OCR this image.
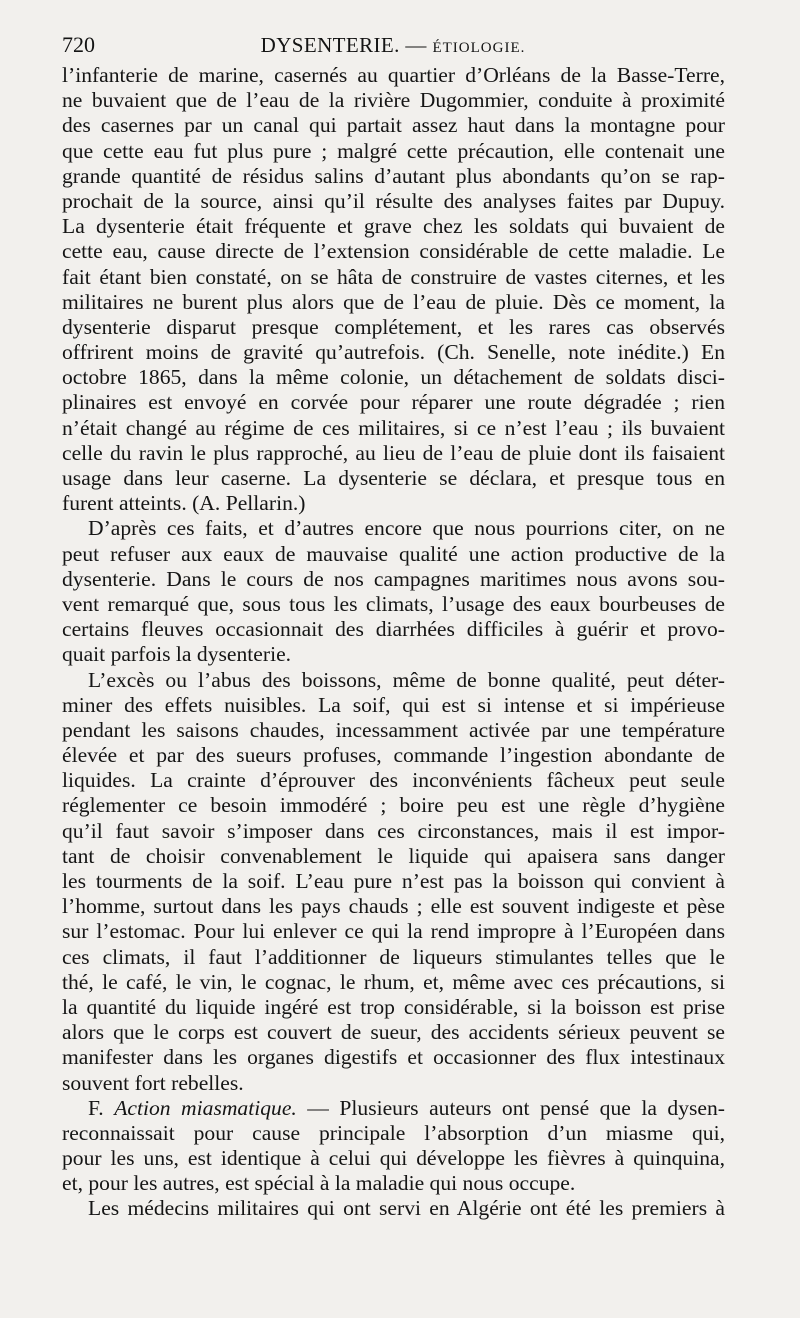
720	DYSENTERIE. — ÉTIOLOGIE.
l’infanterie de marine, casernés au quartier d’Orléans de la Basse-Terre,
ne buvaient que de l’eau de la rivière Dugommier, conduite à proximité
des casernes par un canal qui partait assez haut dans la montagne pour
que cette eau fut plus pure ; malgré cette précaution, elle contenait une
grande quantité de résidus salins d’autant plus abondants qu’on se rap-
prochait de la source, ainsi qu’il résulte des analyses faites par Dupuy.
La dysenterie était fréquente et grave chez les soldats qui buvaient de
cette eau, cause directe de l’extension considérable de cette maladie. Le
fait étant bien constaté, on se hâta de construire de vastes citernes, et les
militaires ne burent plus alors que de l’eau de pluie. Dès ce moment, la
dysenterie disparut presque complétement, et les rares cas observés
offrirent moins de gravité qu’autrefois. (Ch. Senelle, note inédite.) En
octobre 1865, dans la même colonie, un détachement de soldats disci-
plinaires est envoyé en corvée pour réparer une route dégradée ; rien
n’était changé au régime de ces militaires, si ce n’est l’eau ; ils buvaient
celle du ravin le plus rapproché, au lieu de l’eau de pluie dont ils faisaient
usage dans leur caserne. La dysenterie se déclara, et presque tous en
furent atteints. (A. Pellarin.)
D’après ces faits, et d’autres encore que nous pourrions citer, on ne
peut refuser aux eaux de mauvaise qualité une action productive de la
dysenterie. Dans le cours de nos campagnes maritimes nous avons sou-
vent remarqué que, sous tous les climats, l’usage des eaux bourbeuses de
certains fleuves occasionnait des diarrhées difficiles à guérir et provo-
quait parfois la dysenterie.
L’excès ou l’abus des boissons, même de bonne qualité, peut déter-
miner des effets nuisibles. La soif, qui est si intense et si impérieuse
pendant les saisons chaudes, incessamment activée par une température
élevée et par des sueurs profuses, commande l’ingestion abondante de
liquides. La crainte d’éprouver des inconvénients fâcheux peut seule
réglementer ce besoin immodéré ; boire peu est une règle d’hygiène
qu’il faut savoir s’imposer dans ces circonstances, mais il est impor-
tant de choisir convenablement le liquide qui apaisera sans danger
les tourments de la soif. L’eau pure n’est pas la boisson qui convient à
l’homme, surtout dans les pays chauds ; elle est souvent indigeste et pèse
sur l’estomac. Pour lui enlever ce qui la rend impropre à l’Européen dans
ces climats, il faut l’additionner de liqueurs stimulantes telles que le
thé, le café, le vin, le cognac, le rhum, et, même avec ces précautions, si
la quantité du liquide ingéré est trop considérable, si la boisson est prise
alors que le corps est couvert de sueur, des accidents sérieux peuvent se
manifester dans les organes digestifs et occasionner des flux intestinaux
souvent fort rebelles.
F. Action miasmatique. — Plusieurs auteurs ont pensé que la dysen-
reconnaissait pour cause principale l’absorption d’un miasme qui,
pour les uns, est identique à celui qui développe les fièvres à quinquina,
et, pour les autres, est spécial à la maladie qui nous occupe.
Les médecins militaires qui ont servi en Algérie ont été les premiers à
